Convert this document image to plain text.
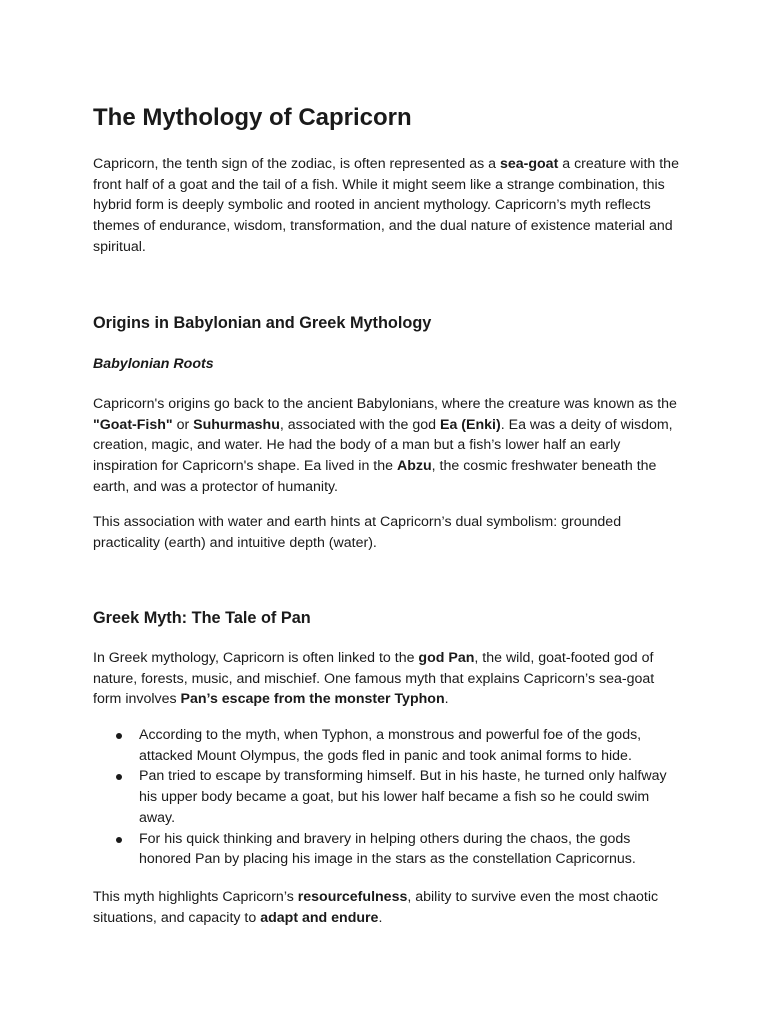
The Mythology of Capricorn

Capricorn, the tenth sign of the zodiac, is often represented as a sea-goat a creature with the front half of a goat and the tail of a fish. While it might seem like a strange combination, this hybrid form is deeply symbolic and rooted in ancient mythology. Capricorn’s myth reflects themes of endurance, wisdom, transformation, and the dual nature of existence material and spiritual.

Origins in Babylonian and Greek Mythology
Babylonian Roots

Capricorn's origins go back to the ancient Babylonians, where the creature was known as the "Goat-Fish" or Suhurmashu, associated with the god Ea (Enki). Ea was a deity of wisdom, creation, magic, and water. He had the body of a man but a fish’s lower half an early inspiration for Capricorn's shape. Ea lived in the Abzu, the cosmic freshwater beneath the earth, and was a protector of humanity.

This association with water and earth hints at Capricorn’s dual symbolism: grounded practicality (earth) and intuitive depth (water).

Greek Myth: The Tale of Pan

In Greek mythology, Capricorn is often linked to the god Pan, the wild, goat-footed god of nature, forests, music, and mischief. One famous myth that explains Capricorn’s sea-goat form involves Pan’s escape from the monster Typhon.

According to the myth, when Typhon, a monstrous and powerful foe of the gods, attacked Mount Olympus, the gods fled in panic and took animal forms to hide.
Pan tried to escape by transforming himself. But in his haste, he turned only halfway his upper body became a goat, but his lower half became a fish so he could swim away.
For his quick thinking and bravery in helping others during the chaos, the gods honored Pan by placing his image in the stars as the constellation Capricornus.

This myth highlights Capricorn’s resourcefulness, ability to survive even the most chaotic situations, and capacity to adapt and endure.
